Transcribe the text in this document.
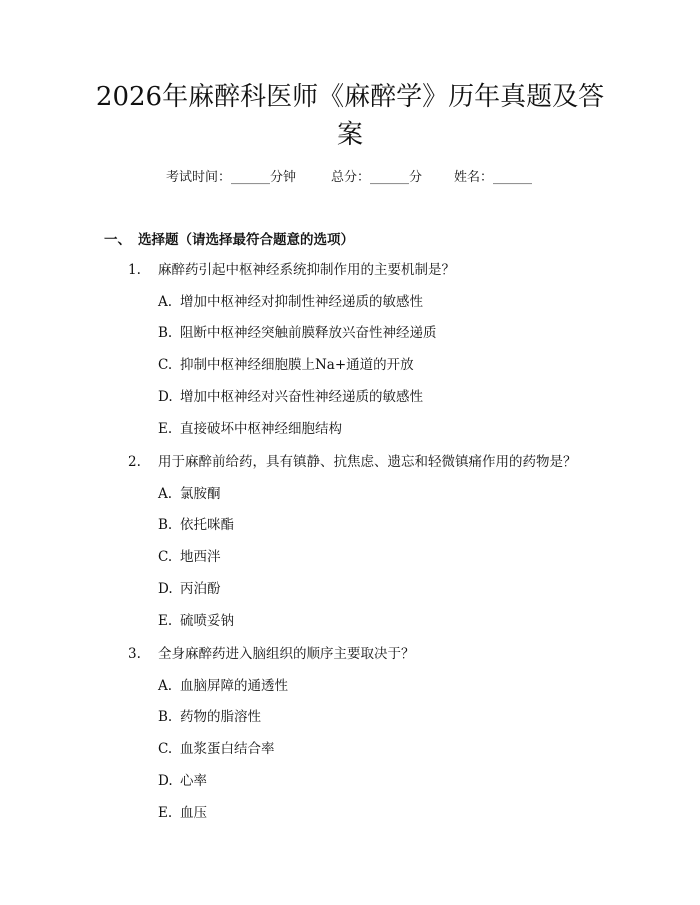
2026年麻醉科医师《麻醉学》历年真题及答案
考试时间：______分钟	总分：______分 姓名：______
一、 选择题（请选择最符合题意的选项）
1. 麻醉药引起中枢神经系统抑制作用的主要机制是？
A. 增加中枢神经对抑制性神经递质的敏感性
B. 阻断中枢神经突触前膜释放兴奋性神经递质
C. 抑制中枢神经细胞膜上Na+通道的开放
D. 增加中枢神经对兴奋性神经递质的敏感性
E. 直接破坏中枢神经细胞结构
2. 用于麻醉前给药，具有镇静、抗焦虑、遗忘和轻微镇痛作用的药物是？
A. 氯胺酮
B. 依托咪酯
C. 地西泮
D. 丙泊酚
E. 硫喷妥钠
3. 全身麻醉药进入脑组织的顺序主要取决于？
A. 血脑屏障的通透性
B. 药物的脂溶性
C. 血浆蛋白结合率
D. 心率
E. 血压
